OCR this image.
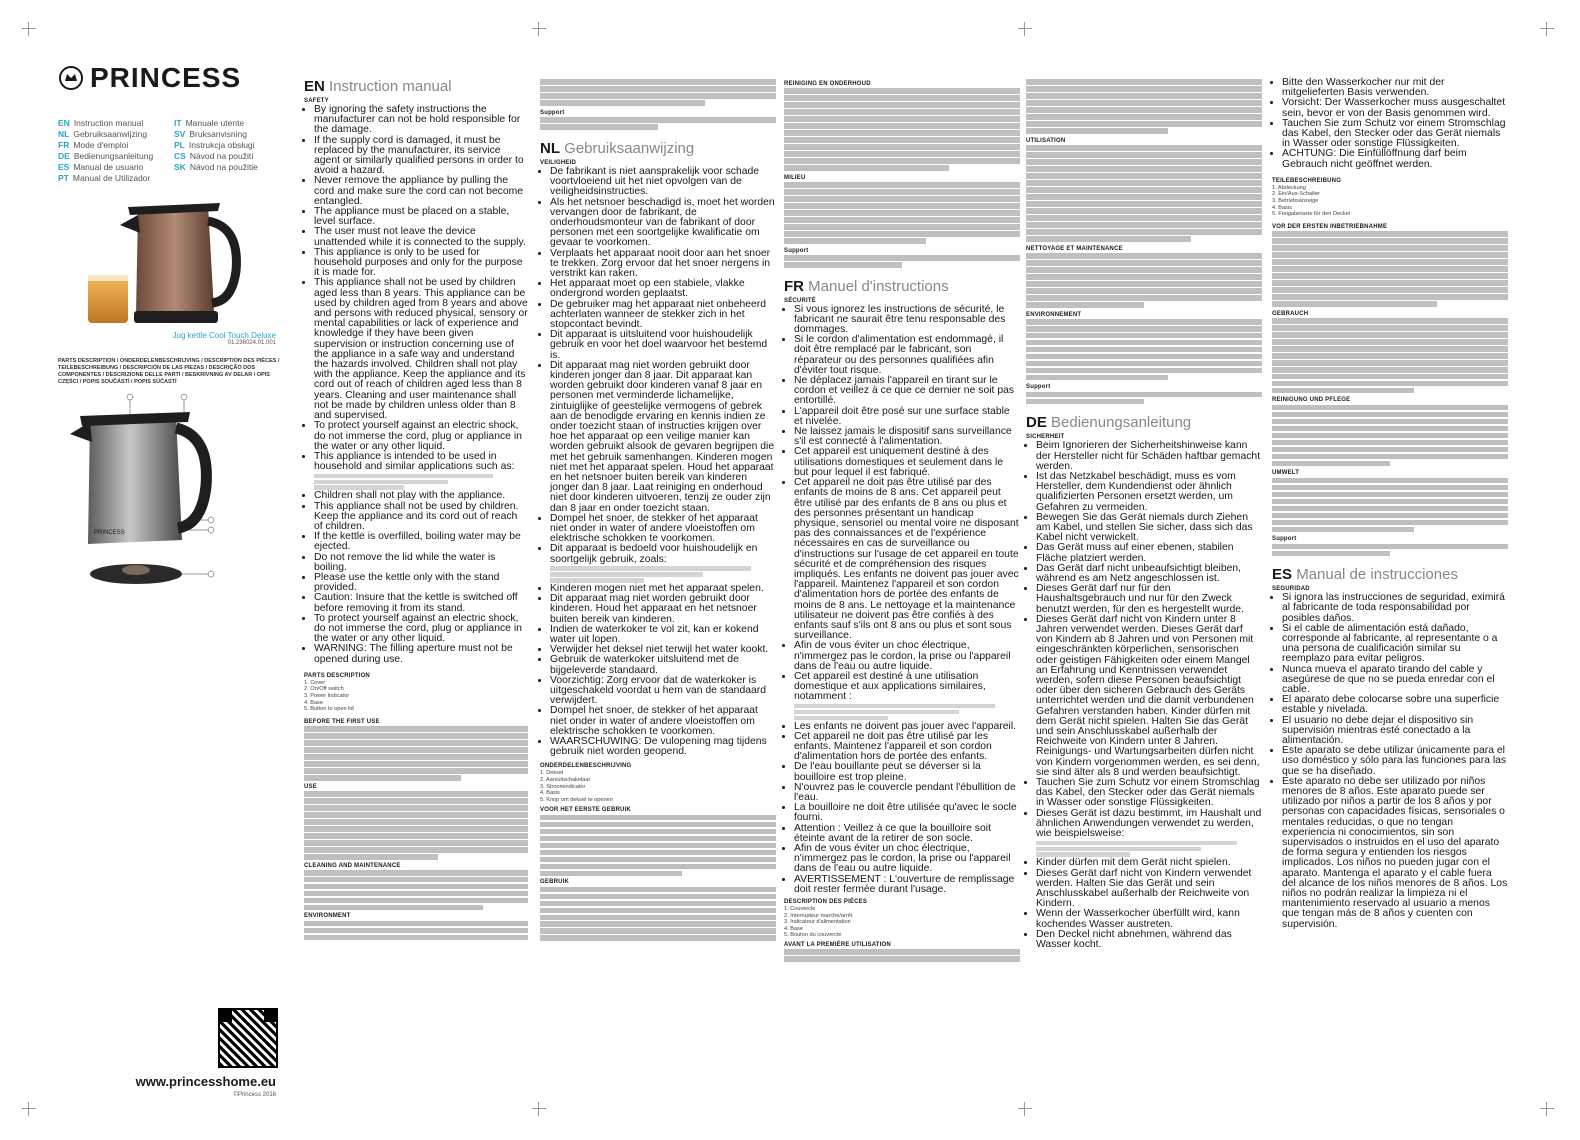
PRINCESS
EN Instruction manual	IT Manuale utente
NL Gebruiksaanwijzing	SV Bruksanvisning
FR Mode d'emploi	PL Instrukcja obsługi
DE Bedienungsanleitung	CS Návod na použití
ES Manual de usuario	SK Návod na použitie
PT Manual de Utilizador
Jug kettle Cool Touch Deluxe
01.236024.01.001
PARTS DESCRIPTION / ONDERDELENBESCHRIJVING / DESCRIPTION DES PIÈCES / TEILEBESCHREIBUNG / DESCRIPCIÓN DE LAS PIEZAS / DESCRIÇÃO DOS COMPONENTES / DESCRIZIONE DELLE PARTI / BESKRIVNING AV DELAR / OPIS CZĘŚCI / POPIS SOUČÁSTÍ / POPIS SÚČASTÍ
PRINCESS
www.princesshome.eu
©Princess 2016
EN Instruction manual
SAFETY
• By ignoring the safety instructions the manufacturer can not be hold responsible for the damage.
• If the supply cord is damaged, it must be replaced by the manufacturer, its service agent or similarly qualified persons in order to avoid a hazard.
• Never remove the appliance by pulling the cord and make sure the cord can not become entangled.
• The appliance must be placed on a stable, level surface.
• The user must not leave the device unattended while it is connected to the supply.
• This appliance is only to be used for household purposes and only for the purpose it is made for.
• This appliance shall not be used by children aged less than 8 years. This appliance can be used by children aged from 8 years and above and persons with reduced physical, sensory or mental capabilities or lack of experience and knowledge if they have been given supervision or instruction concerning use of the appliance in a safe way and understand the hazards involved. Children shall not play with the appliance. Keep the appliance and its cord out of reach of children aged less than 8 years. Cleaning and user maintenance shall not be made by children unless older than 8 and supervised.
• To protect yourself against an electric shock, do not immerse the cord, plug or appliance in the water or any other liquid.
• This appliance is intended to be used in household and similar applications such as:
• Children shall not play with the appliance.
• This appliance shall not be used by children. Keep the appliance and its cord out of reach of children.
• If the kettle is overfilled, boiling water may be ejected.
• Do not remove the lid while the water is boiling.
• Please use the kettle only with the stand provided.
• Caution: Insure that the kettle is switched off before removing it from its stand.
• To protect yourself against an electric shock, do not immerse the cord, plug or appliance in the water or any other liquid.
• WARNING: The filling aperture must not be opened during use.
PARTS DESCRIPTION

1. Cover

2. On/Off switch

3. Power Indicator

4. Base

5. Button to open lid

BEFORE THE FIRST USE
USE
CLEANING AND MAINTENANCE
ENVIRONMENT
Support
NL Gebruiksaanwijzing
VEILIGHEID
• De fabrikant is niet aansprakelijk voor schade voortvloeiend uit het niet opvolgen van de veiligheidsinstructies.
• Als het netsnoer beschadigd is, moet het worden vervangen door de fabrikant, de onderhoudsmonteur van de fabrikant of door personen met een soortgelijke kwalificatie om gevaar te voorkomen.
• Verplaats het apparaat nooit door aan het snoer te trekken. Zorg ervoor dat het snoer nergens in verstrikt kan raken.
• Het apparaat moet op een stabiele, vlakke ondergrond worden geplaatst.
• De gebruiker mag het apparaat niet onbeheerd achterlaten wanneer de stekker zich in het stopcontact bevindt.
• Dit apparaat is uitsluitend voor huishoudelijk gebruik en voor het doel waarvoor het bestemd is.
• Dit apparaat mag niet worden gebruikt door kinderen jonger dan 8 jaar. Dit apparaat kan worden gebruikt door kinderen vanaf 8 jaar en personen met verminderde lichamelijke, zintuiglijke of geestelijke vermogens of gebrek aan de benodigde ervaring en kennis indien ze onder toezicht staan of instructies krijgen over hoe het apparaat op een veilige manier kan worden gebruikt alsook de gevaren begrijpen die met het gebruik samenhangen. Kinderen mogen niet met het apparaat spelen. Houd het apparaat en het netsnoer buiten bereik van kinderen jonger dan 8 jaar. Laat reiniging en onderhoud niet door kinderen uitvoeren, tenzij ze ouder zijn dan 8 jaar en onder toezicht staan.
• Dompel het snoer, de stekker of het apparaat niet onder in water of andere vloeistoffen om elektrische schokken te voorkomen.
• Dit apparaat is bedoeld voor huishoudelijk en soortgelijk gebruik, zoals:
• Kinderen mogen niet met het apparaat spelen.
• Dit apparaat mag niet worden gebruikt door kinderen. Houd het apparaat en het netsnoer buiten bereik van kinderen.
• Indien de waterkoker te vol zit, kan er kokend water uit lopen.
• Verwijder het deksel niet terwijl het water kookt.
• Gebruik de waterkoker uitsluitend met de bijgeleverde standaard.
• Voorzichtig: Zorg ervoor dat de waterkoker is uitgeschakeld voordat u hem van de standaard verwijdert.
• Dompel het snoer, de stekker of het apparaat niet onder in water of andere vloeistoffen om elektrische schokken te voorkomen.
• WAARSCHUWING: De vulopening mag tijdens gebruik niet worden geopend.
ONDERDELENBESCHRIJVING

1. Deksel

2. Aan/uitschakelaar

3. Stroomindicator

4. Basis

5. Knop om deksel te openen

VOOR HET EERSTE GEBRUIK
GEBRUIK
REINIGING EN ONDERHOUD
MILIEU
Support
FR Manuel d'instructions
SÉCURITÉ
• Si vous ignorez les instructions de sécurité, le fabricant ne saurait être tenu responsable des dommages.
• Si le cordon d'alimentation est endommagé, il doit être remplacé par le fabricant, son réparateur ou des personnes qualifiées afin d'éviter tout risque.
• Ne déplacez jamais l'appareil en tirant sur le cordon et veillez à ce que ce dernier ne soit pas entortillé.
• L'appareil doit être posé sur une surface stable et nivelée.
• Ne laissez jamais le dispositif sans surveillance s'il est connecté à l'alimentation.
• Cet appareil est uniquement destiné à des utilisations domestiques et seulement dans le but pour lequel il est fabriqué.
• Cet appareil ne doit pas être utilisé par des enfants de moins de 8 ans. Cet appareil peut être utilisé par des enfants de 8 ans ou plus et des personnes présentant un handicap physique, sensoriel ou mental voire ne disposant pas des connaissances et de l'expérience nécessaires en cas de surveillance ou d'instructions sur l'usage de cet appareil en toute sécurité et de compréhension des risques impliqués. Les enfants ne doivent pas jouer avec l'appareil. Maintenez l'appareil et son cordon d'alimentation hors de portée des enfants de moins de 8 ans. Le nettoyage et la maintenance utilisateur ne doivent pas être confiés à des enfants sauf s'ils ont 8 ans ou plus et sont sous surveillance.
• Afin de vous éviter un choc électrique, n'immergez pas le cordon, la prise ou l'appareil dans de l'eau ou autre liquide.
• Cet appareil est destiné à une utilisation domestique et aux applications similaires, notamment :
• Les enfants ne doivent pas jouer avec l'appareil.
• Cet appareil ne doit pas être utilisé par les enfants. Maintenez l'appareil et son cordon d'alimentation hors de portée des enfants.
• De l'eau bouillante peut se déverser si la bouilloire est trop pleine.
• N'ouvrez pas le couvercle pendant l'ébullition de l'eau.
• La bouilloire ne doit être utilisée qu'avec le socle fourni.
• Attention : Veillez à ce que la bouilloire soit éteinte avant de la retirer de son socle.
• Afin de vous éviter un choc électrique, n'immergez pas le cordon, la prise ou l'appareil dans de l'eau ou autre liquide.
• AVERTISSEMENT : L'ouverture de remplissage doit rester fermée durant l'usage.
DESCRIPTION DES PIÈCES

1. Couvercle

2. Interrupteur marche/arrêt

3. Indicateur d'alimentation

4. Base

5. Bouton du couvercle

AVANT LA PREMIÈRE UTILISATION
UTILISATION
NETTOYAGE ET MAINTENANCE
ENVIRONNEMENT
Support
DE Bedienungsanleitung
SICHERHEIT
• Beim Ignorieren der Sicherheitshinweise kann der Hersteller nicht für Schäden haftbar gemacht werden.
• Ist das Netzkabel beschädigt, muss es vom Hersteller, dem Kundendienst oder ähnlich qualifizierten Personen ersetzt werden, um Gefahren zu vermeiden.
• Bewegen Sie das Gerät niemals durch Ziehen am Kabel, und stellen Sie sicher, dass sich das Kabel nicht verwickelt.
• Das Gerät muss auf einer ebenen, stabilen Fläche platziert werden.
• Das Gerät darf nicht unbeaufsichtigt bleiben, während es am Netz angeschlossen ist.
• Dieses Gerät darf nur für den Haushaltsgebrauch und nur für den Zweck benutzt werden, für den es hergestellt wurde.
• Dieses Gerät darf nicht von Kindern unter 8 Jahren verwendet werden. Dieses Gerät darf von Kindern ab 8 Jahren und von Personen mit eingeschränkten körperlichen, sensorischen oder geistigen Fähigkeiten oder einem Mangel an Erfahrung und Kenntnissen verwendet werden, sofern diese Personen beaufsichtigt oder über den sicheren Gebrauch des Geräts unterrichtet werden und die damit verbundenen Gefahren verstanden haben. Kinder dürfen mit dem Gerät nicht spielen. Halten Sie das Gerät und sein Anschlusskabel außerhalb der Reichweite von Kindern unter 8 Jahren. Reinigungs- und Wartungsarbeiten dürfen nicht von Kindern vorgenommen werden, es sei denn, sie sind älter als 8 und werden beaufsichtigt.
• Tauchen Sie zum Schutz vor einem Stromschlag das Kabel, den Stecker oder das Gerät niemals in Wasser oder sonstige Flüssigkeiten.
• Dieses Gerät ist dazu bestimmt, im Haushalt und ähnlichen Anwendungen verwendet zu werden, wie beispielsweise:
• Kinder dürfen mit dem Gerät nicht spielen.
• Dieses Gerät darf nicht von Kindern verwendet werden. Halten Sie das Gerät und sein Anschlusskabel außerhalb der Reichweite von Kindern.
• Wenn der Wasserkocher überfüllt wird, kann kochendes Wasser austreten.
• Den Deckel nicht abnehmen, während das Wasser kocht.
• Bitte den Wasserkocher nur mit der mitgelieferten Basis verwenden.
• Vorsicht: Der Wasserkocher muss ausgeschaltet sein, bevor er von der Basis genommen wird.
• Tauchen Sie zum Schutz vor einem Stromschlag das Kabel, den Stecker oder das Gerät niemals in Wasser oder sonstige Flüssigkeiten.
• ACHTUNG: Die Einfüllöffnung darf beim Gebrauch nicht geöffnet werden.
TEILEBESCHREIBUNG

1. Abdeckung

2. Ein/Aus-Schalter

3. Betriebsanzeige

4. Basis

5. Freigabetaste für den Deckel

VOR DER ERSTEN INBETRIEBNAHME
GEBRAUCH
REINIGUNG UND PFLEGE
UMWELT
Support
ES Manual de instrucciones
SEGURIDAD
• Si ignora las instrucciones de seguridad, eximirá al fabricante de toda responsabilidad por posibles daños.
• Si el cable de alimentación está dañado, corresponde al fabricante, al representante o a una persona de cualificación similar su reemplazo para evitar peligros.
• Nunca mueva el aparato tirando del cable y asegúrese de que no se pueda enredar con el cable.
• El aparato debe colocarse sobre una superficie estable y nivelada.
• El usuario no debe dejar el dispositivo sin supervisión mientras esté conectado a la alimentación.
• Este aparato se debe utilizar únicamente para el uso doméstico y sólo para las funciones para las que se ha diseñado.
• Este aparato no debe ser utilizado por niños menores de 8 años. Este aparato puede ser utilizado por niños a partir de los 8 años y por personas con capacidades físicas, sensoriales o mentales reducidas, o que no tengan experiencia ni conocimientos, sin son supervisados o instruidos en el uso del aparato de forma segura y entienden los riesgos implicados. Los niños no pueden jugar con el aparato. Mantenga el aparato y el cable fuera del alcance de los niños menores de 8 años. Los niños no podrán realizar la limpieza ni el mantenimiento reservado al usuario a menos que tengan más de 8 años y cuenten con supervisión.
